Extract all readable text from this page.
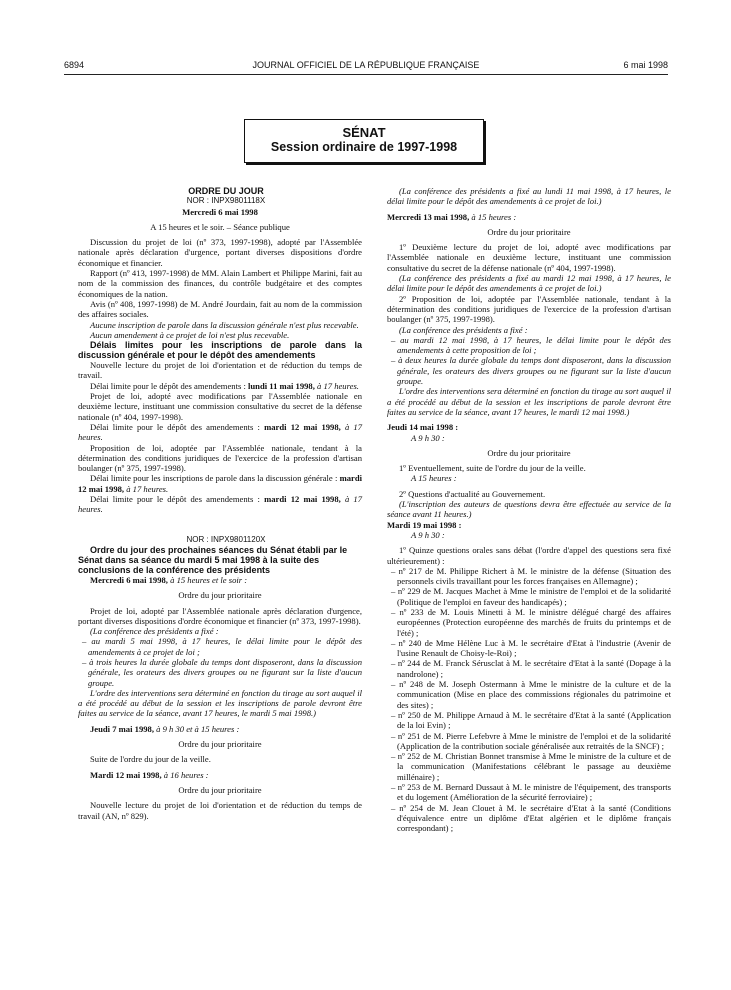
6894	JOURNAL OFFICIEL DE LA RÉPUBLIQUE FRANÇAISE	6 mai 1998
SÉNAT
Session ordinaire de 1997-1998

ORDRE DU JOUR

NOR : INPX9801118X

Mercredi 6 mai 1998

A 15 heures et le soir. – Séance publique

Discussion du projet de loi (nº 373, 1997-1998), adopté par l'Assemblée nationale après déclaration d'urgence, portant diverses dispositions d'ordre économique et financier.

Rapport (nº 413, 1997-1998) de MM. Alain Lambert et Philippe Marini, fait au nom de la commission des finances, du contrôle budgétaire et des comptes économiques de la nation.

Avis (nº 408, 1997-1998) de M. André Jourdain, fait au nom de la commission des affaires sociales.

Aucune inscription de parole dans la discussion générale n'est plus recevable.

Aucun amendement à ce projet de loi n'est plus recevable.

Délais limites pour les inscriptions de parole dans la discussion générale et pour le dépôt des amendements

Nouvelle lecture du projet de loi d'orientation et de réduction du temps de travail.

Délai limite pour le dépôt des amendements : lundi 11 mai 1998, à 17 heures.

Projet de loi, adopté avec modifications par l'Assemblée nationale en deuxième lecture, instituant une commission consultative du secret de la défense nationale (nº 404, 1997-1998).

Délai limite pour le dépôt des amendements : mardi 12 mai 1998, à 17 heures.

Proposition de loi, adoptée par l'Assemblée nationale, tendant à la détermination des conditions juridiques de l'exercice de la profession d'artisan boulanger (nº 375, 1997-1998).

Délai limite pour les inscriptions de parole dans la discussion générale : mardi 12 mai 1998, à 17 heures.

Délai limite pour le dépôt des amendements : mardi 12 mai 1998, à 17 heures.

NOR : INPX9801120X

Ordre du jour des prochaines séances du Sénat établi par le Sénat dans sa séance du mardi 5 mai 1998 à la suite des conclusions de la conférence des présidents

Mercredi 6 mai 1998, à 15 heures et le soir :

Ordre du jour prioritaire

Projet de loi, adopté par l'Assemblée nationale après déclaration d'urgence, portant diverses dispositions d'ordre économique et financier (nº 373, 1997-1998).

(La conférence des présidents a fixé :

– au mardi 5 mai 1998, à 17 heures, le délai limite pour le dépôt des amendements à ce projet de loi ;

– à trois heures la durée globale du temps dont disposeront, dans la discussion générale, les orateurs des divers groupes ou ne figurant sur la liste d'aucun groupe.

L'ordre des interventions sera déterminé en fonction du tirage au sort auquel il a été procédé au début de la session et les inscriptions de parole devront être faites au service de la séance, avant 17 heures, le mardi 5 mai 1998.)

Jeudi 7 mai 1998, à 9 h 30 et à 15 heures :

Ordre du jour prioritaire

Suite de l'ordre du jour de la veille.

Mardi 12 mai 1998, à 16 heures :

Ordre du jour prioritaire

Nouvelle lecture du projet de loi d'orientation et de réduction du temps de travail (AN, nº 829).

(La conférence des présidents a fixé au lundi 11 mai 1998, à 17 heures, le délai limite pour le dépôt des amendements à ce projet de loi.)

Mercredi 13 mai 1998, à 15 heures :

Ordre du jour prioritaire

1º Deuxième lecture du projet de loi, adopté avec modifications par l'Assemblée nationale en deuxième lecture, instituant une commission consultative du secret de la défense nationale (nº 404, 1997-1998).

(La conférence des présidents a fixé au mardi 12 mai 1998, à 17 heures, le délai limite pour le dépôt des amendements à ce projet de loi.)

2º Proposition de loi, adoptée par l'Assemblée nationale, tendant à la détermination des conditions juridiques de l'exercice de la profession d'artisan boulanger (nº 375, 1997-1998).

(La conférence des présidents a fixé :

– au mardi 12 mai 1998, à 17 heures, le délai limite pour le dépôt des amendements à cette proposition de loi ;

– à deux heures la durée globale du temps dont disposeront, dans la discussion générale, les orateurs des divers groupes ou ne figurant sur la liste d'aucun groupe.

L'ordre des interventions sera déterminé en fonction du tirage au sort auquel il a été procédé au début de la session et les inscriptions de parole devront être faites au service de la séance, avant 17 heures, le mardi 12 mai 1998.)

Jeudi 14 mai 1998 :

A 9 h 30 :

Ordre du jour prioritaire

1º Eventuellement, suite de l'ordre du jour de la veille.

A 15 heures :

2º Questions d'actualité au Gouvernement.

(L'inscription des auteurs de questions devra être effectuée au service de la séance avant 11 heures.)

Mardi 19 mai 1998 :

A 9 h 30 :

1º Quinze questions orales sans débat (l'ordre d'appel des questions sera fixé ultérieurement) :

– nº 217 de M. Philippe Richert à M. le ministre de la défense (Situation des personnels civils travaillant pour les forces françaises en Allemagne) ;

– nº 229 de M. Jacques Machet à Mme le ministre de l'emploi et de la solidarité (Politique de l'emploi en faveur des handicapés) ;

– nº 233 de M. Louis Minetti à M. le ministre délégué chargé des affaires européennes (Protection européenne des marchés de fruits du printemps et de l'été) ;

– nº 240 de Mme Hélène Luc à M. le secrétaire d'Etat à l'industrie (Avenir de l'usine Renault de Choisy-le-Roi) ;

– nº 244 de M. Franck Sérusclat à M. le secrétaire d'Etat à la santé (Dopage à la nandrolone) ;

– nº 248 de M. Joseph Ostermann à Mme le ministre de la culture et de la communication (Mise en place des commissions régionales du patrimoine et des sites) ;

– nº 250 de M. Philippe Arnaud à M. le secrétaire d'Etat à la santé (Application de la loi Evin) ;

– nº 251 de M. Pierre Lefebvre à Mme le ministre de l'emploi et de la solidarité (Application de la contribution sociale généralisée aux retraités de la SNCF) ;

– nº 252 de M. Christian Bonnet transmise à Mme le ministre de la culture et de la communication (Manifestations célébrant le passage au deuxième millénaire) ;

– nº 253 de M. Bernard Dussaut à M. le ministre de l'équipement, des transports et du logement (Amélioration de la sécurité ferroviaire) ;

– nº 254 de M. Jean Clouet à M. le secrétaire d'Etat à la santé (Conditions d'équivalence entre un diplôme d'Etat algérien et le diplôme français correspondant) ;
